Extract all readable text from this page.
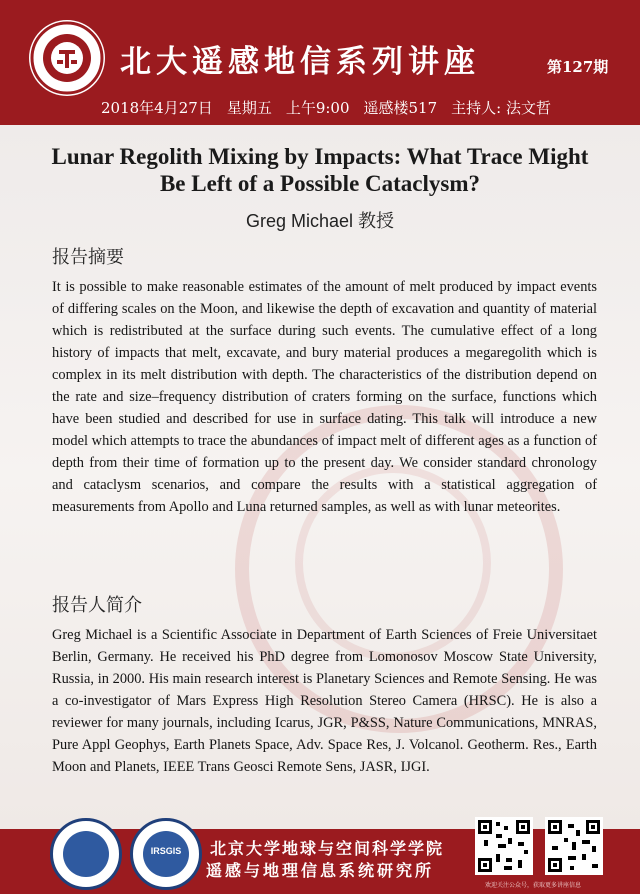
北大遥感地信系列讲座	第127期
2018年4月27日 星期五 上午9:00 遥感楼517 主持人: 法文哲
Lunar Regolith Mixing by Impacts: What Trace Might Be Left of a Possible Cataclysm?
Greg Michael 教授
报告摘要

It is possible to make reasonable estimates of the amount of melt produced by impact events of differing scales on the Moon, and likewise the depth of excavation and quantity of material which is redistributed at the surface during such events. The cumulative effect of a long history of impacts that melt, excavate, and bury material produces a megaregolith which is complex in its melt distribution with depth. The characteristics of the distribution depend on the rate and size–frequency distribution of craters forming on the surface, functions which have been studied and described for use in surface dating. This talk will introduce a new model which attempts to trace the abundances of impact melt of different ages as a function of depth from their time of formation up to the present day. We consider standard chronology and cataclysm scenarios, and compare the results with a statistical aggregation of measurements from Apollo and Luna returned samples, as well as with lunar meteorites.

报告人简介

Greg Michael is a Scientific Associate in Department of Earth Sciences of Freie Universitaet Berlin, Germany. He received his PhD degree from Lomonosov Moscow State University, Russia, in 2000. His main research interest is Planetary Sciences and Remote Sensing. He was a co-investigator of Mars Express High Resolution Stereo Camera (HRSC). He is also a reviewer for many journals, including Icarus, JGR, P&SS, Nature Communications, MNRAS, Pure Appl Geophys, Earth Planets Space, Adv. Space Res, J. Volcanol. Geotherm. Res., Earth Moon and Planets, IEEE Trans Geosci Remote Sens, JASR, IJGI.

IRSGIS	北京大学地球与空间科学学院
遥感与地理信息系统研究所
欢迎关注公众号，获取更多讲座信息
